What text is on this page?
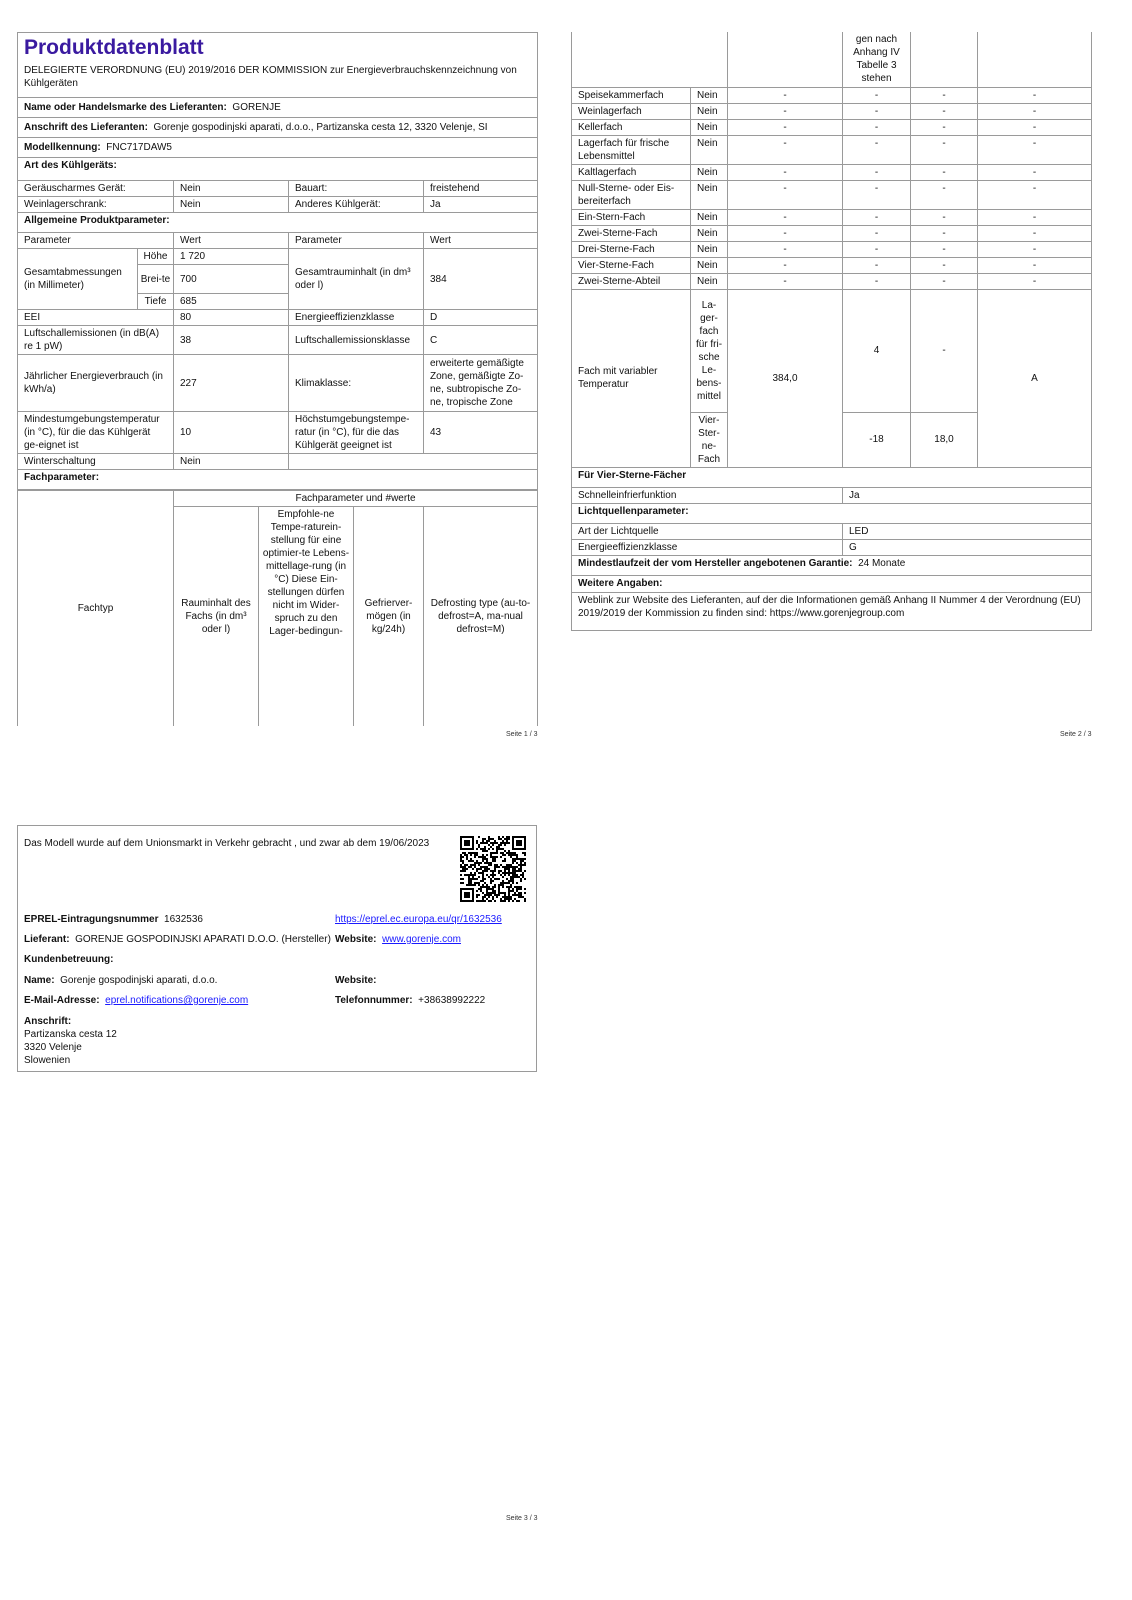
Produktdatenblatt				
DELEGIERTE VERORDNUNG (EU) 2019/2016 DER KOMMISSION zur Energieverbrauchskennzeichnung von Kühlgeräten				
Name oder Handelsmarke des Lieferanten: GORENJE				
Anschrift des Lieferanten: Gorenje gospodinjski aparati, d.o.o., Partizanska cesta 12, 3320 Velenje, SI				
Modellkennung: FNC717DAW5				
Art des Kühlgeräts:				
Geräuscharmes Gerät:		Nein	Bauart:	freistehend
Weinlagerschrank:		Nein	Anderes Kühlgerät:	Ja
Allgemeine Produktparameter:				
Parameter		Wert	Parameter	Wert
Gesamtabmessungen (in Millimeter)	Höhe	1 720	Gesamtrauminhalt (in dm³ oder l)	384
	Brei-te	700		
	Tiefe	685		
EEI		80	Energieeffizienzklasse	D
Luftschallemissionen (in dB(A) re 1 pW)		38	Luftschallemissionsklasse	C
Jährlicher Energieverbrauch (in kWh/a)		227	Klimaklasse:	erweiterte gemäßigte Zone, gemäßigte Zo-ne, subtropische Zo-ne, tropische Zone
Mindestumgebungstemperatur (in °C), für die das Kühlgerät ge-eignet ist		10	Höchstumgebungstempe-ratur (in °C), für die das Kühlgerät geeignet ist	43
Winterschaltung		Nein		
Fachparameter:				
Fachtyp	Fachparameter und #werte			
	Rauminhalt des Fachs (in dm³ oder l)	Empfohle-ne Tempe-raturein-stellung für eine optimier-te Lebens-mittellage-rung (in °C) Diese Ein-stellungen dürfen nicht im Wider-spruch zu den Lager-bedingun-	Gefrierver-mögen (in kg/24h)	Defrosting type (au-to-defrost=A, ma-nual defrost=M)
Seite 1 / 3
			gen nach Anhang IV Tabelle 3 stehen		
Speisekammerfach	Nein	-	-	-	-
Weinlagerfach	Nein	-	-	-	-
Kellerfach	Nein	-	-	-	-
Lagerfach für frische Lebensmittel	Nein	-	-	-	-
Kaltlagerfach	Nein	-	-	-	-
Null-Sterne- oder Eis-bereiterfach	Nein	-	-	-	-
Ein-Stern-Fach	Nein	-	-	-	-
Zwei-Sterne-Fach	Nein	-	-	-	-
Drei-Sterne-Fach	Nein	-	-	-	-
Vier-Sterne-Fach	Nein	-	-	-	-
Zwei-Sterne-Abteil	Nein	-	-	-	-
Fach mit variabler Temperatur	La-ger-fach für fri-sche Le-bens-mittel	384,0	4	-	A
	Vier-Ster-ne-Fach		-18	18,0	
Für Vier-Sterne-Fächer					
Schnelleinfrierfunktion			Ja		
Lichtquellenparameter:					
Art der Lichtquelle			LED		
Energieeffizienzklasse			G		
Mindestlaufzeit der vom Hersteller angebotenen Garantie: 24 Monate					
Weitere Angaben:					
Weblink zur Website des Lieferanten, auf der die Informationen gemäß Anhang II Nummer 4 der Verordnung (EU) 2019/2019 der Kommission zu finden sind: https://www.gorenjegroup.com					
Seite 2 / 3
Das Modell wurde auf dem Unionsmarkt in Verkehr gebracht , und zwar ab dem 19/06/2023
EPREL-Eintragungsnummer 1632536	https://eprel.ec.europa.eu/qr/1632536
Lieferant: GORENJE GOSPODINJSKI APARATI D.O.O. (Hersteller) Website: www.gorenje.com
Kundenbetreuung:
Name: Gorenje gospodinjski aparati, d.o.o.	Website:
E-Mail-Adresse: eprel.notifications@gorenje.com	Telefonnummer: +38638992222
Anschrift:
Partizanska cesta 12
3320 Velenje
Slowenien
Seite 3 / 3
